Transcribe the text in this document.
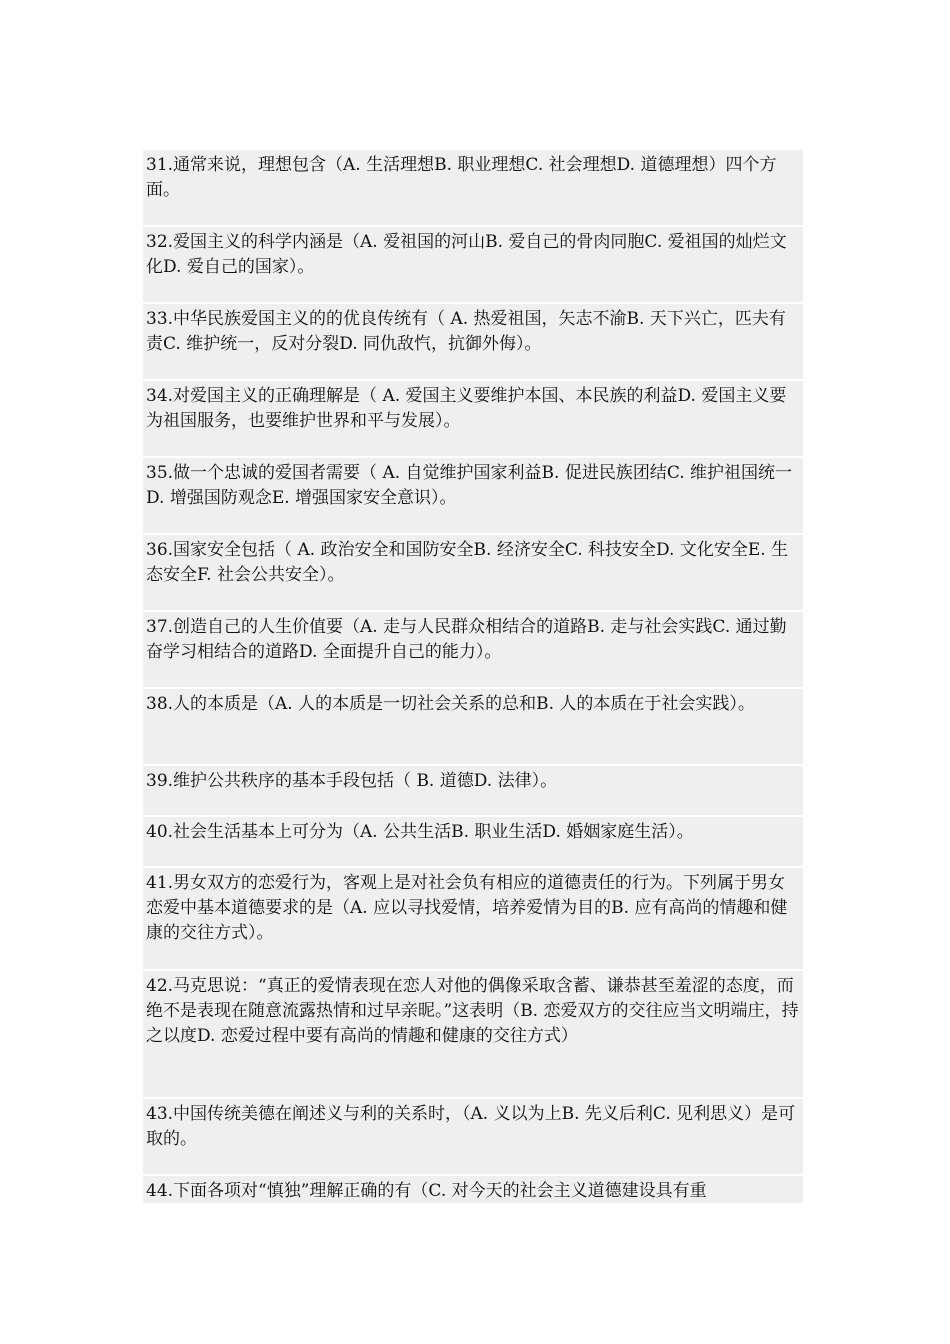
31.通常来说，理想包含（A. 生活理想B. 职业理想C. 社会理想D. 道德理想）四个方面。
32.爱国主义的科学内涵是（A. 爱祖国的河山B. 爱自己的骨肉同胞C. 爱祖国的灿烂文化D. 爱自己的国家）。
33.中华民族爱国主义的的优良传统有（ A. 热爱祖国，矢志不渝B. 天下兴亡，匹夫有责C. 维护统一，反对分裂D. 同仇敌忾，抗御外侮）。
34.对爱国主义的正确理解是（ A. 爱国主义要维护本国、本民族的利益D. 爱国主义要为祖国服务，也要维护世界和平与发展）。
35.做一个忠诚的爱国者需要（ A. 自觉维护国家利益B. 促进民族团结C. 维护祖国统一D. 增强国防观念E. 增强国家安全意识）。
36.国家安全包括（ A. 政治安全和国防安全B. 经济安全C. 科技安全D. 文化安全E. 生态安全F. 社会公共安全）。
37.创造自己的人生价值要（A. 走与人民群众相结合的道路B. 走与社会实践C. 通过勤奋学习相结合的道路D. 全面提升自己的能力）。
38.人的本质是（A. 人的本质是一切社会关系的总和B. 人的本质在于社会实践）。
39.维护公共秩序的基本手段包括（ B. 道德D. 法律）。
40.社会生活基本上可分为（A. 公共生活B. 职业生活D. 婚姻家庭生活）。
41.男女双方的恋爱行为，客观上是对社会负有相应的道德责任的行为。下列属于男女恋爱中基本道德要求的是（A. 应以寻找爱情，培养爱情为目的B. 应有高尚的情趣和健康的交往方式）。
42.马克思说：“真正的爱情表现在恋人对他的偶像采取含蓄、谦恭甚至羞涩的态度，而绝不是表现在随意流露热情和过早亲昵。”这表明（B. 恋爱双方的交往应当文明端庄，持之以度D. 恋爱过程中要有高尚的情趣和健康的交往方式）
43.中国传统美德在阐述义与利的关系时，（A. 义以为上B. 先义后利C. 见利思义）是可取的。
44.下面各项对“慎独”理解正确的有（C. 对今天的社会主义道德建设具有重
